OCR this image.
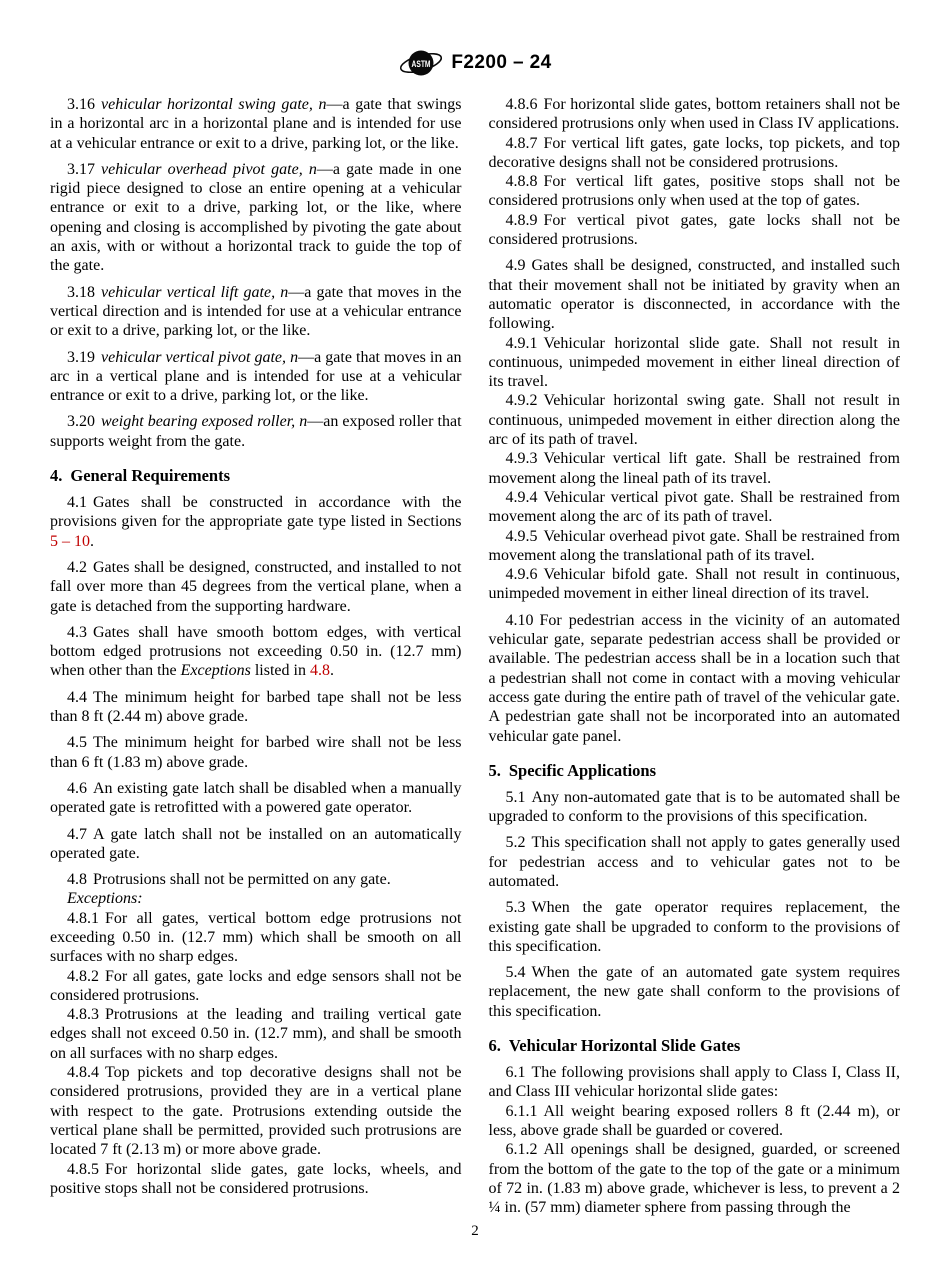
ASTM F2200 – 24

3.16 vehicular horizontal swing gate, n—a gate that swings in a horizontal arc in a horizontal plane and is intended for use at a vehicular entrance or exit to a drive, parking lot, or the like.

3.17 vehicular overhead pivot gate, n—a gate made in one rigid piece designed to close an entire opening at a vehicular entrance or exit to a drive, parking lot, or the like, where opening and closing is accomplished by pivoting the gate about an axis, with or without a horizontal track to guide the top of the gate.

3.18 vehicular vertical lift gate, n—a gate that moves in the vertical direction and is intended for use at a vehicular entrance or exit to a drive, parking lot, or the like.

3.19 vehicular vertical pivot gate, n—a gate that moves in an arc in a vertical plane and is intended for use at a vehicular entrance or exit to a drive, parking lot, or the like.

3.20 weight bearing exposed roller, n—an exposed roller that supports weight from the gate.

4. General Requirements

4.1 Gates shall be constructed in accordance with the provisions given for the appropriate gate type listed in Sections 5 – 10.

4.2 Gates shall be designed, constructed, and installed to not fall over more than 45 degrees from the vertical plane, when a gate is detached from the supporting hardware.

4.3 Gates shall have smooth bottom edges, with vertical bottom edged protrusions not exceeding 0.50 in. (12.7 mm) when other than the Exceptions listed in 4.8.

4.4 The minimum height for barbed tape shall not be less than 8 ft (2.44 m) above grade.

4.5 The minimum height for barbed wire shall not be less than 6 ft (1.83 m) above grade.

4.6 An existing gate latch shall be disabled when a manually operated gate is retrofitted with a powered gate operator.

4.7 A gate latch shall not be installed on an automatically operated gate.

4.8 Protrusions shall not be permitted on any gate.

Exceptions:

4.8.1 For all gates, vertical bottom edge protrusions not exceeding 0.50 in. (12.7 mm) which shall be smooth on all surfaces with no sharp edges.

4.8.2 For all gates, gate locks and edge sensors shall not be considered protrusions.

4.8.3 Protrusions at the leading and trailing vertical gate edges shall not exceed 0.50 in. (12.7 mm), and shall be smooth on all surfaces with no sharp edges.

4.8.4 Top pickets and top decorative designs shall not be considered protrusions, provided they are in a vertical plane with respect to the gate. Protrusions extending outside the vertical plane shall be permitted, provided such protrusions are located 7 ft (2.13 m) or more above grade.

4.8.5 For horizontal slide gates, gate locks, wheels, and positive stops shall not be considered protrusions.

4.8.6 For horizontal slide gates, bottom retainers shall not be considered protrusions only when used in Class IV applications.

4.8.7 For vertical lift gates, gate locks, top pickets, and top decorative designs shall not be considered protrusions.

4.8.8 For vertical lift gates, positive stops shall not be considered protrusions only when used at the top of gates.

4.8.9 For vertical pivot gates, gate locks shall not be considered protrusions.

4.9 Gates shall be designed, constructed, and installed such that their movement shall not be initiated by gravity when an automatic operator is disconnected, in accordance with the following.

4.9.1 Vehicular horizontal slide gate. Shall not result in continuous, unimpeded movement in either lineal direction of its travel.

4.9.2 Vehicular horizontal swing gate. Shall not result in continuous, unimpeded movement in either direction along the arc of its path of travel.

4.9.3 Vehicular vertical lift gate. Shall be restrained from movement along the lineal path of its travel.

4.9.4 Vehicular vertical pivot gate. Shall be restrained from movement along the arc of its path of travel.

4.9.5 Vehicular overhead pivot gate. Shall be restrained from movement along the translational path of its travel.

4.9.6 Vehicular bifold gate. Shall not result in continuous, unimpeded movement in either lineal direction of its travel.

4.10 For pedestrian access in the vicinity of an automated vehicular gate, separate pedestrian access shall be provided or available. The pedestrian access shall be in a location such that a pedestrian shall not come in contact with a moving vehicular access gate during the entire path of travel of the vehicular gate. A pedestrian gate shall not be incorporated into an automated vehicular gate panel.

5. Specific Applications

5.1 Any non-automated gate that is to be automated shall be upgraded to conform to the provisions of this specification.

5.2 This specification shall not apply to gates generally used for pedestrian access and to vehicular gates not to be automated.

5.3 When the gate operator requires replacement, the existing gate shall be upgraded to conform to the provisions of this specification.

5.4 When the gate of an automated gate system requires replacement, the new gate shall conform to the provisions of this specification.

6. Vehicular Horizontal Slide Gates

6.1 The following provisions shall apply to Class I, Class II, and Class III vehicular horizontal slide gates:

6.1.1 All weight bearing exposed rollers 8 ft (2.44 m), or less, above grade shall be guarded or covered.

6.1.2 All openings shall be designed, guarded, or screened from the bottom of the gate to the top of the gate or a minimum of 72 in. (1.83 m) above grade, whichever is less, to prevent a 2 ¼ in. (57 mm) diameter sphere from passing through the

2
